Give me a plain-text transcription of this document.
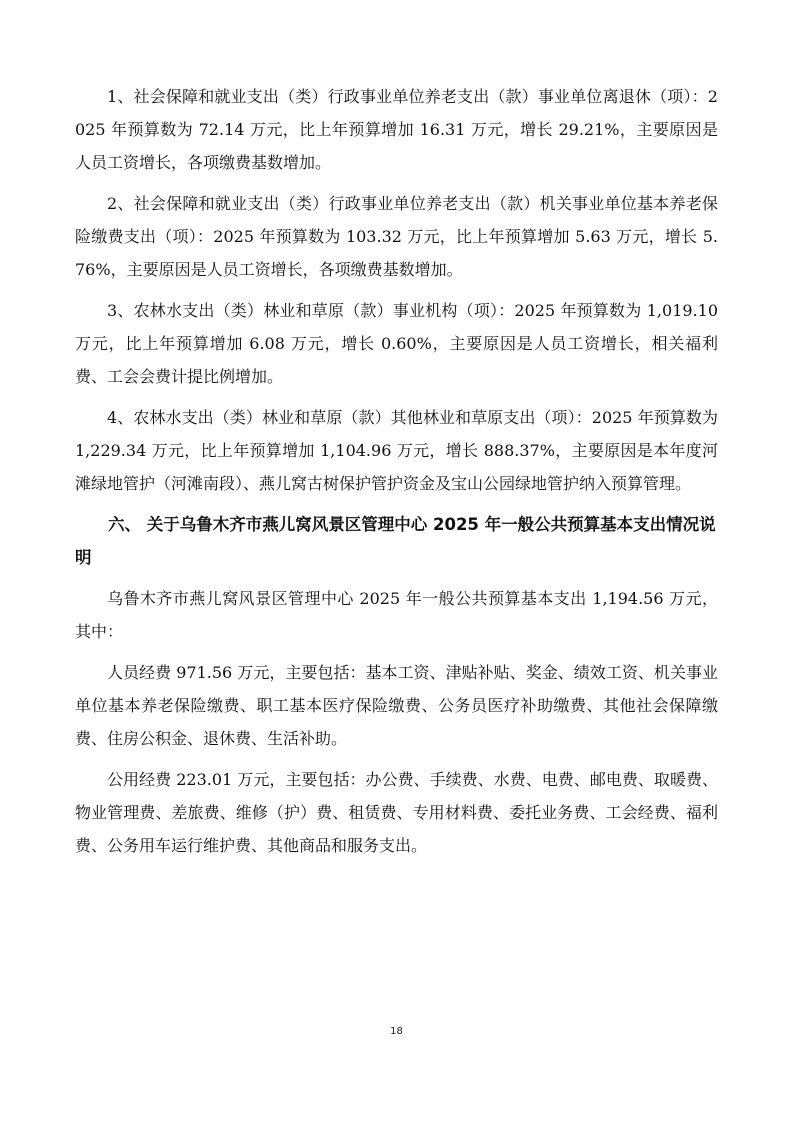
1、社会保障和就业支出（类）行政事业单位养老支出（款）事业单位离退休（项）：2025 年预算数为 72.14 万元，比上年预算增加 16.31 万元，增长 29.21%，主要原因是人员工资增长，各项缴费基数增加。

2、社会保障和就业支出（类）行政事业单位养老支出（款）机关事业单位基本养老保险缴费支出（项）：2025 年预算数为 103.32 万元，比上年预算增加 5.63 万元，增长 5.76%，主要原因是人员工资增长，各项缴费基数增加。

3、农林水支出（类）林业和草原（款）事业机构（项）：2025 年预算数为 1,019.10 万元，比上年预算增加 6.08 万元，增长 0.60%，主要原因是人员工资增长，相关福利费、工会会费计提比例增加。

4、农林水支出（类）林业和草原（款）其他林业和草原支出（项）：2025 年预算数为 1,229.34 万元，比上年预算增加 1,104.96 万元，增长 888.37%，主要原因是本年度河滩绿地管护（河滩南段）、燕儿窝古树保护管护资金及宝山公园绿地管护纳入预算管理。

六、 关于乌鲁木齐市燕儿窝风景区管理中心 2025 年一般公共预算基本支出情况说明

乌鲁木齐市燕儿窝风景区管理中心 2025 年一般公共预算基本支出 1,194.56 万元，其中：

人员经费 971.56 万元，主要包括：基本工资、津贴补贴、奖金、绩效工资、机关事业单位基本养老保险缴费、职工基本医疗保险缴费、公务员医疗补助缴费、其他社会保障缴费、住房公积金、退休费、生活补助。

公用经费 223.01 万元，主要包括：办公费、手续费、水费、电费、邮电费、取暖费、物业管理费、差旅费、维修（护）费、租赁费、专用材料费、委托业务费、工会经费、福利费、公务用车运行维护费、其他商品和服务支出。

18
